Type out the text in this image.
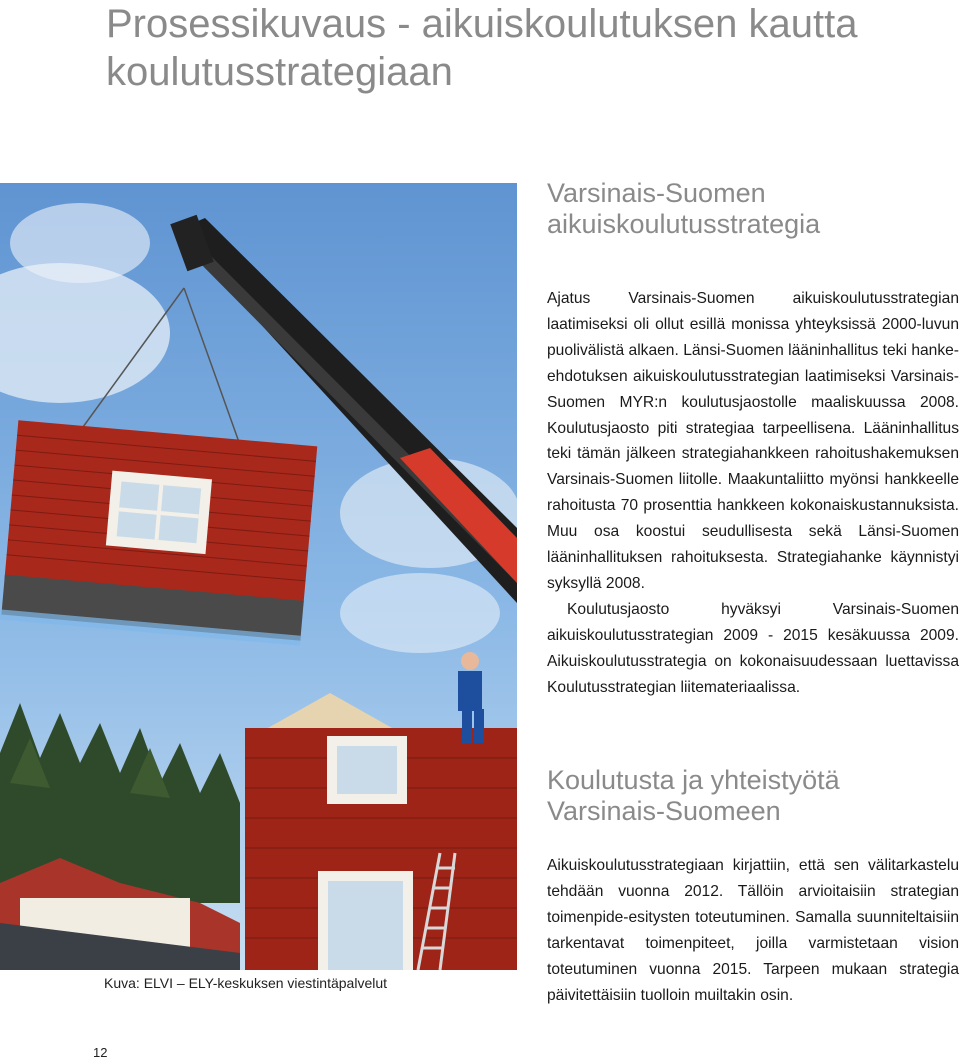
Prosessikuvaus - aikuiskoulutuksen kautta koulutusstrategiaan
Kuva: ELVI – ELY-keskuksen viestintäpalvelut
Varsinais-Suomen aikuiskoulutusstrategia

Ajatus Varsinais-Suomen aikuiskoulutusstrategian laatimiseksi oli ollut esillä monissa yhteyksissä 2000-luvun puolivälistä alkaen. Länsi-Suomen lääninhallitus teki hanke-ehdotuksen aikuiskoulutusstrategian laatimiseksi Varsinais-Suomen MYR:n koulutusjaostolle maaliskuussa 2008. Koulutusjaosto piti strategiaa tarpeellisena. Lääninhallitus teki tämän jälkeen strategiahankkeen rahoitushakemuksen Varsinais-Suomen liitolle. Maakuntaliitto myönsi hankkeelle rahoitusta 70 prosenttia hankkeen kokonaiskustannuksista. Muu osa koostui seudullisesta sekä Länsi-Suomen lääninhallituksen rahoituksesta. Strategiahanke käynnistyi syksyllä 2008.

Koulutusjaosto hyväksyi Varsinais-Suomen aikuiskoulutusstrategian 2009 - 2015 kesäkuussa 2009. Aikuiskoulutusstrategia on kokonaisuudessaan luettavissa Koulutusstrategian liitemateriaalissa.

Koulutusta ja yhteistyötä Varsinais-Suomeen

Aikuiskoulutusstrategiaan kirjattiin, että sen välitarkastelu tehdään vuonna 2012. Tällöin arvioitaisiin strategian toimenpide-esitysten toteutuminen. Samalla suunniteltaisiin tarkentavat toimenpiteet, joilla varmistetaan vision toteutuminen vuonna 2015. Tarpeen mukaan strategia päivitettäisiin tuolloin muiltakin osin.

12
